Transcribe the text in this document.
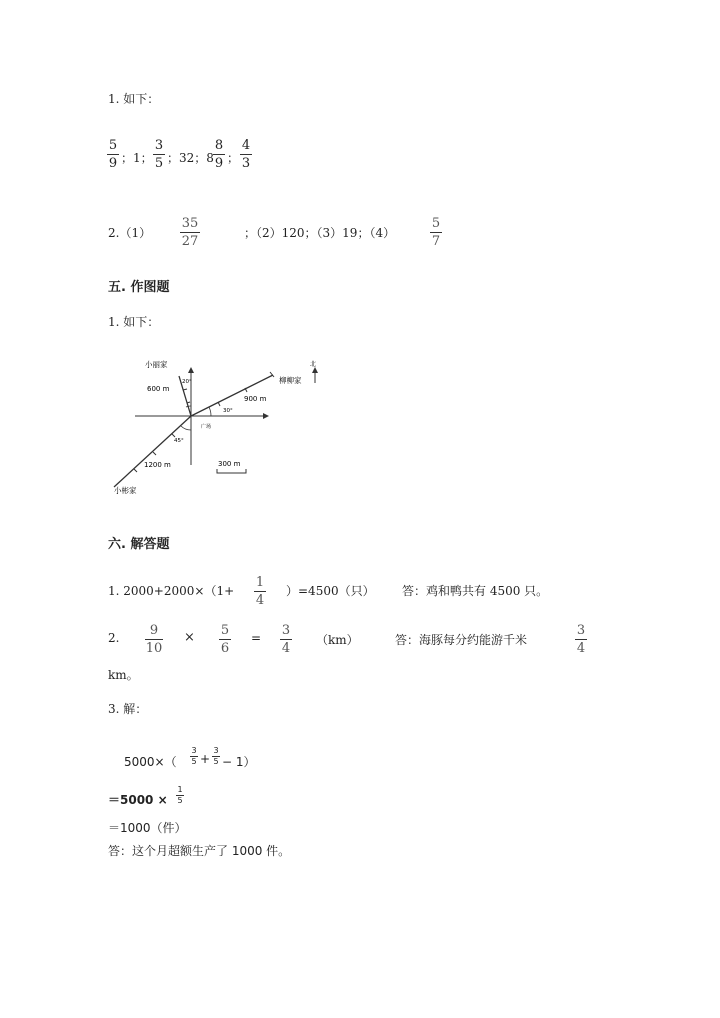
1. 如下：
5
9 ；1；
3
5 ；32；8
8
9 ；
4
3
2.（1）
35
27
；（2）120；（3）19；（4）
5
7
五. 作图题
1. 如下：
小丽家
600 m
20°	柳柳家
北
900 m
30°
广场
45°
1200 m	300 m
小彬家
六. 解答题
1. 2000+2000×（1+
1
4
）=4500（只） 答：鸡和鸭共有 4500 只。
2.	9
10
× 5
6
= 3
4
（km）	答：海豚每分约能游千米
3
4
km。
3. 解：
5000×（
3
5 +
3
5 − 1）
＝5000 ×
1
5
＝1000（件）
答：这个月超额生产了 1000 件。
